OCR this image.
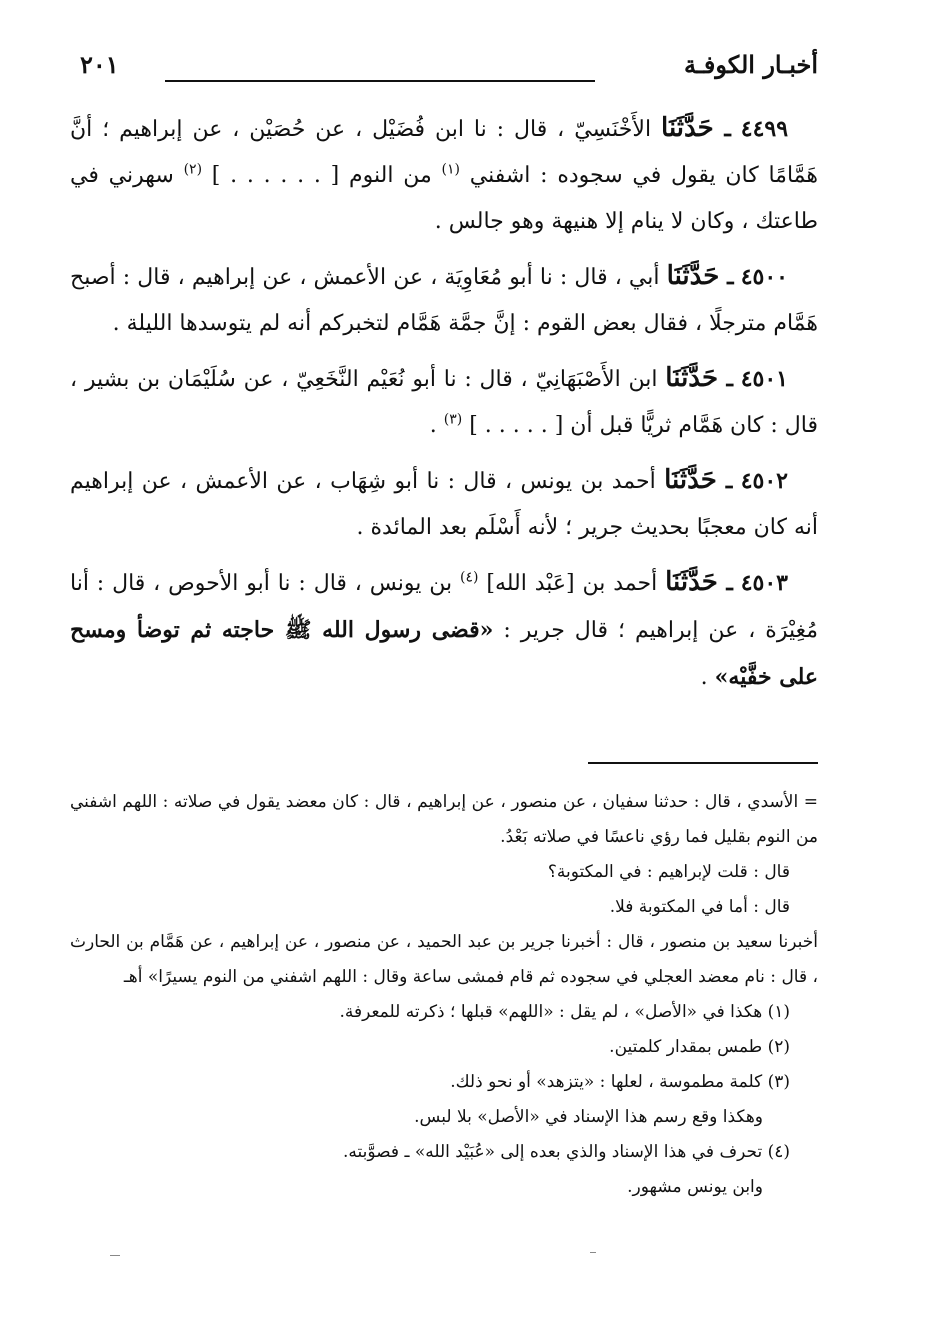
أخبـار الكوفـة
٢٠١

٤٤٩٩ ـ حَدَّثَنَا الأَخْنَسِيّ ، قال : نا ابن فُضَيْل ، عن حُصَيْن ، عن إبراهيم ؛ أنَّ هَمَّامًا كان يقول في سجوده : اشفني $^{(١)}$ من النوم [ . . . . . . ] $^{(٢)}$ سهرني في طاعتك ، وكان لا ينام إلا هنيهة وهو جالس .

٤٥٠٠ ـ حَدَّثَنَا أبي ، قال : نا أبو مُعَاوِيَة ، عن الأعمش ، عن إبراهيم ، قال : أصبح هَمَّام مترجلًا ، فقال بعض القوم : إنَّ جمَّة هَمَّام لتخبركم أنه لم يتوسدها الليلة .

٤٥٠١ ـ حَدَّثَنَا ابن الأَصْبَهَانِيّ ، قال : نا أبو نُعَيْم النَّخَعِيّ ، عن سُلَيْمَان بن بشير ، قال : كان هَمَّام ثريًّا قبل أن [ . . . . . ] $^{(٣)}$ .

٤٥٠٢ ـ حَدَّثَنَا أحمد بن يونس ، قال : نا أبو شِهَاب ، عن الأعمش ، عن إبراهيم أنه كان معجبًا بحديث جرير ؛ لأنه أَسْلَم بعد المائدة .

٤٥٠٣ ـ حَدَّثَنَا أحمد بن [عَبْد الله] $^{(٤)}$ بن يونس ، قال : نا أبو الأحوص ، قال : أنا مُغِيْرَة ، عن إبراهيم ؛ قال جرير : «قضى رسول الله ﷺ حاجته ثم توضأ ومسح على خفَّيْه» .

= الأسدي ، قال : حدثنا سفيان ، عن منصور ، عن إبراهيم ، قال : كان معضد يقول في صلاته : اللهم اشفني من النوم بقليل فما رؤي ناعسًا في صلاته بَعْدُ.

قال : قلت لإبراهيم : في المكتوبة؟

قال : أما في المكتوبة فلا.

أخبرنا سعيد بن منصور ، قال : أخبرنا جرير بن عبد الحميد ، عن منصور ، عن إبراهيم ، عن هَمَّام بن الحارث ، قال : نام معضد العجلي في سجوده ثم قام فمشى ساعة وقال : اللهم اشفني من النوم يسيرًا» أهـ

(١) هكذا في «الأصل» ، لم يقل : «اللهم» قبلها ؛ ذكرته للمعرفة.

(٢) طمس بمقدار كلمتين.

(٣) كلمة مطموسة ، لعلها : «يتزهد» أو نحو ذلك.

وهكذا وقع رسم هذا الإسناد في «الأصل» بلا لبس.

(٤) تحرف في هذا الإسناد والذي بعده إلى «عُبَيْد الله» ـ فصوَّبته.

وابن يونس مشهور.
